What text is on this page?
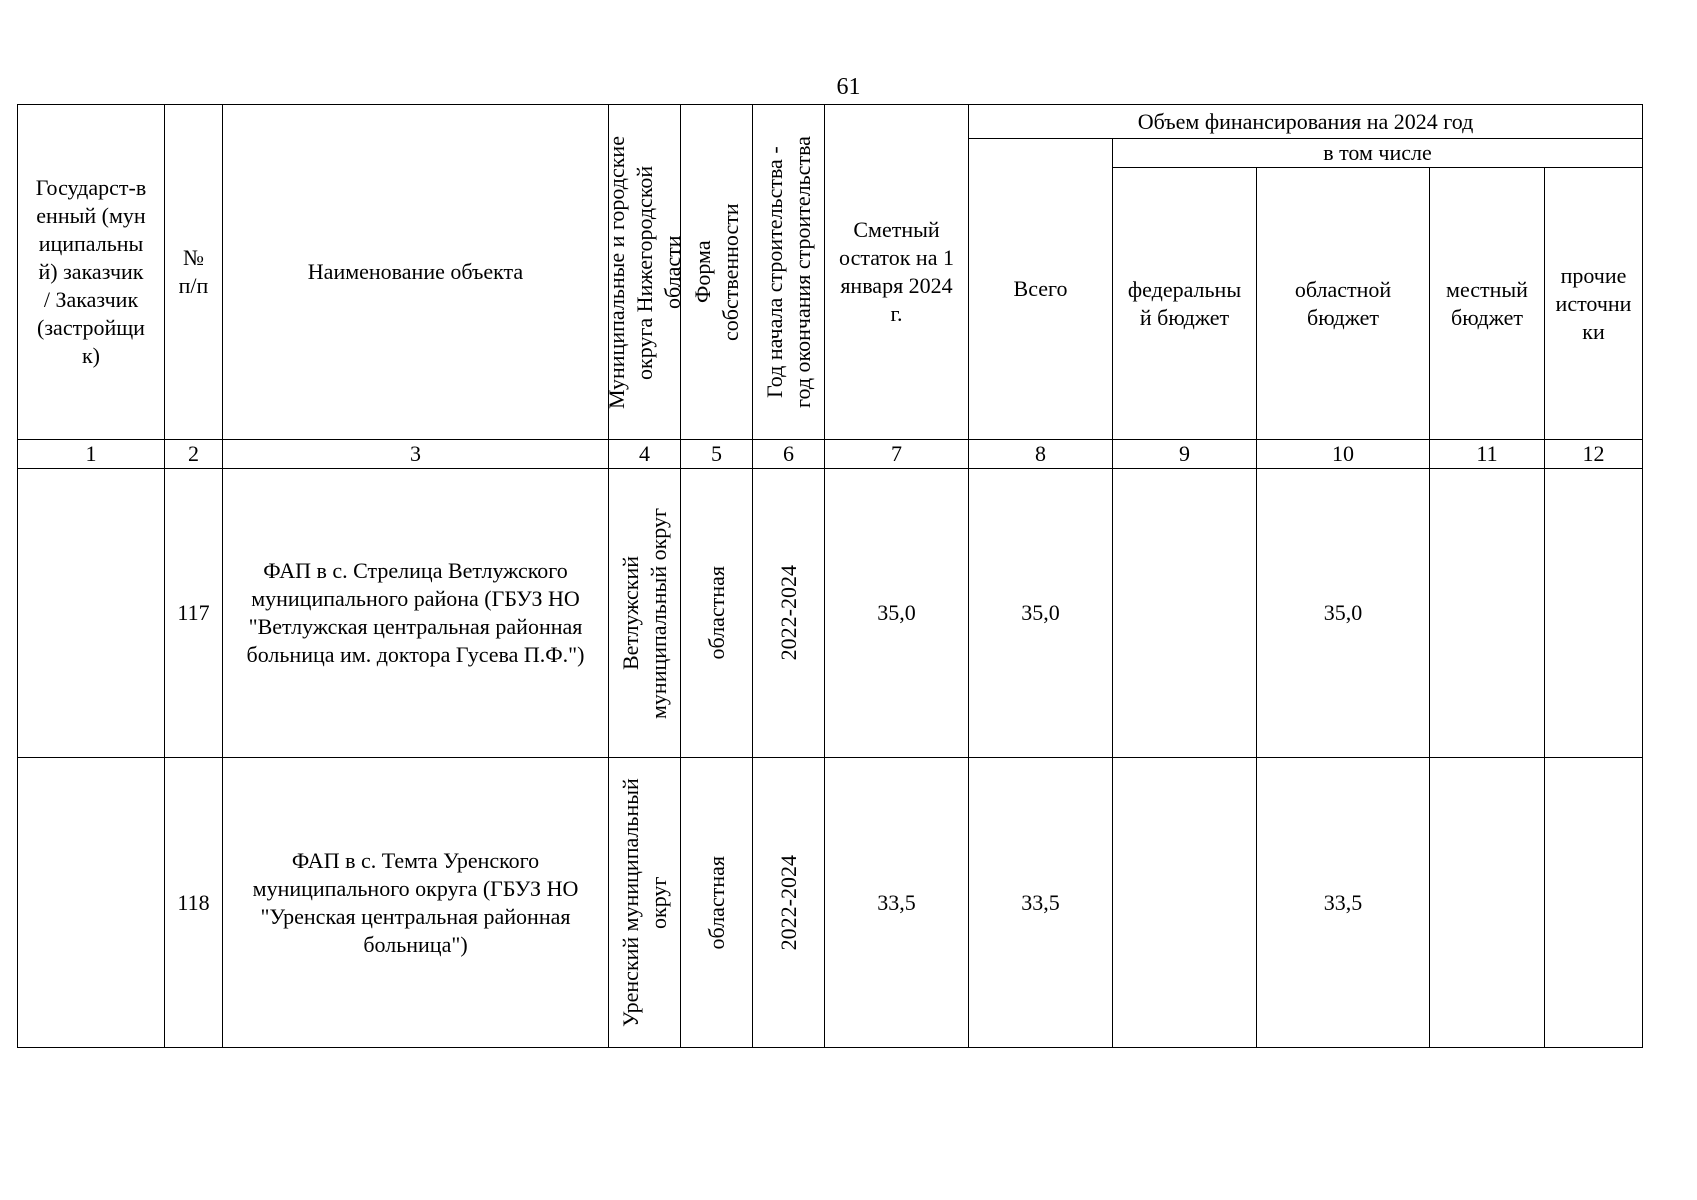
61
Государст-венный (муниципальный) заказчик / Заказчик (застройщик)	№ п/п	Наименование объекта	Муниципальные и городские округа Нижегородской области	Форма собственности	Год начала строительства - год окончания строительства	Сметный остаток на 1 января 2024 г.	Объем финансирования на 2024 год				
							Всего	в том числе			
								федеральный бюджет	областной бюджет	местный бюджет	прочие источники
1	2	3	4	5	6	7	8	9	10	11	12
	117	ФАП в с. Стрелица Ветлужского муниципального района (ГБУЗ НО "Ветлужская центральная районная больница им. доктора Гусева П.Ф.")	Ветлужский муниципальный округ	областная	2022-2024	35,0	35,0		35,0		
	118	ФАП в с. Темта Уренского муниципального округа (ГБУЗ НО "Уренская центральная районная больница")	Уренский муниципальный округ	областная	2022-2024	33,5	33,5		33,5		
